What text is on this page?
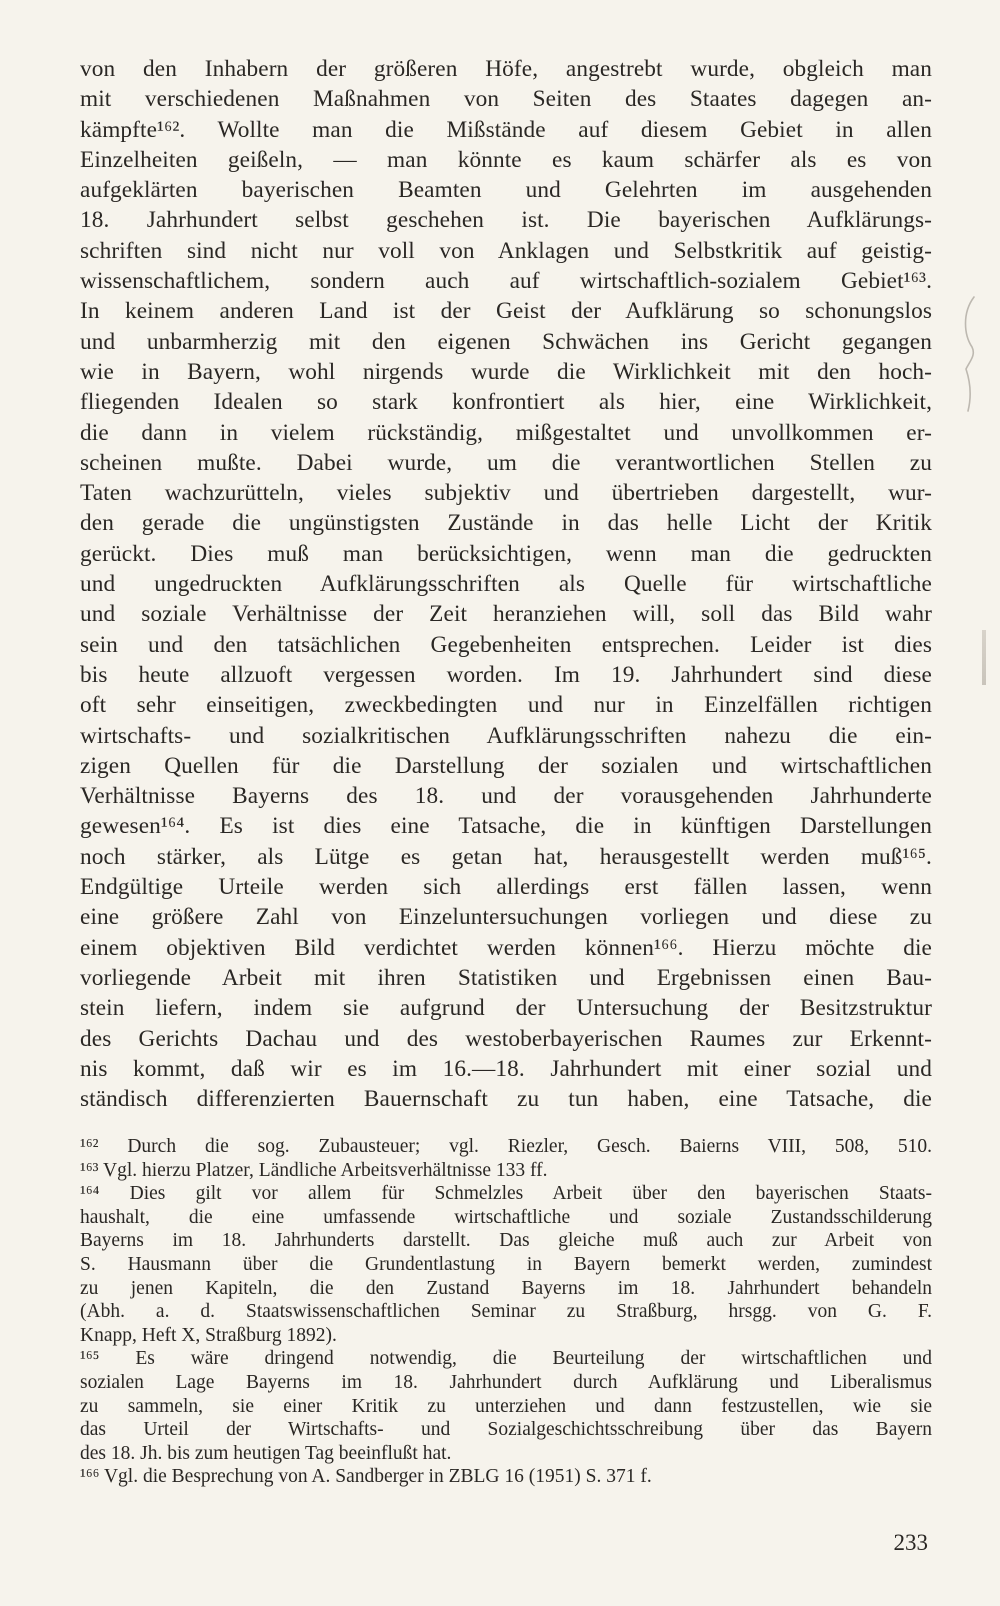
von den Inhabern der größeren Höfe, angestrebt wurde, obgleich man
mit verschiedenen Maßnahmen von Seiten des Staates dagegen an-
kämpfte¹⁶². Wollte man die Mißstände auf diesem Gebiet in allen
Einzelheiten geißeln, — man könnte es kaum schärfer als es von
aufgeklärten bayerischen Beamten und Gelehrten im ausgehenden
18. Jahrhundert selbst geschehen ist. Die bayerischen Aufklärungs-
schriften sind nicht nur voll von Anklagen und Selbstkritik auf geistig-
wissenschaftlichem, sondern auch auf wirtschaftlich-sozialem Gebiet¹⁶³.
In keinem anderen Land ist der Geist der Aufklärung so schonungslos
und unbarmherzig mit den eigenen Schwächen ins Gericht gegangen
wie in Bayern, wohl nirgends wurde die Wirklichkeit mit den hoch-
fliegenden Idealen so stark konfrontiert als hier, eine Wirklichkeit,
die dann in vielem rückständig, mißgestaltet und unvollkommen er-
scheinen mußte. Dabei wurde, um die verantwortlichen Stellen zu
Taten wachzurütteln, vieles subjektiv und übertrieben dargestellt, wur-
den gerade die ungünstigsten Zustände in das helle Licht der Kritik
gerückt. Dies muß man berücksichtigen, wenn man die gedruckten
und ungedruckten Aufklärungsschriften als Quelle für wirtschaftliche
und soziale Verhältnisse der Zeit heranziehen will, soll das Bild wahr
sein und den tatsächlichen Gegebenheiten entsprechen. Leider ist dies
bis heute allzuoft vergessen worden. Im 19. Jahrhundert sind diese
oft sehr einseitigen, zweckbedingten und nur in Einzelfällen richtigen
wirtschafts- und sozialkritischen Aufklärungsschriften nahezu die ein-
zigen Quellen für die Darstellung der sozialen und wirtschaftlichen
Verhältnisse Bayerns des 18. und der vorausgehenden Jahrhunderte
gewesen¹⁶⁴. Es ist dies eine Tatsache, die in künftigen Darstellungen
noch stärker, als Lütge es getan hat, herausgestellt werden muß¹⁶⁵.
Endgültige Urteile werden sich allerdings erst fällen lassen, wenn
eine größere Zahl von Einzeluntersuchungen vorliegen und diese zu
einem objektiven Bild verdichtet werden können¹⁶⁶. Hierzu möchte die
vorliegende Arbeit mit ihren Statistiken und Ergebnissen einen Bau-
stein liefern, indem sie aufgrund der Untersuchung der Besitzstruktur
des Gerichts Dachau und des westoberbayerischen Raumes zur Erkennt-
nis kommt, daß wir es im 16.—18. Jahrhundert mit einer sozial und
ständisch differenzierten Bauernschaft zu tun haben, eine Tatsache, die
¹⁶² Durch die sog. Zubausteuer; vgl. Riezler, Gesch. Baierns VIII, 508, 510.
¹⁶³ Vgl. hierzu Platzer, Ländliche Arbeitsverhältnisse 133 ff.
¹⁶⁴ Dies gilt vor allem für Schmelzles Arbeit über den bayerischen Staats-
haushalt, die eine umfassende wirtschaftliche und soziale Zustandsschilderung
Bayerns im 18. Jahrhunderts darstellt. Das gleiche muß auch zur Arbeit von
S. Hausmann über die Grundentlastung in Bayern bemerkt werden, zumindest
zu jenen Kapiteln, die den Zustand Bayerns im 18. Jahrhundert behandeln
(Abh. a. d. Staatswissenschaftlichen Seminar zu Straßburg, hrsgg. von G. F.
Knapp, Heft X, Straßburg 1892).
¹⁶⁵ Es wäre dringend notwendig, die Beurteilung der wirtschaftlichen und
sozialen Lage Bayerns im 18. Jahrhundert durch Aufklärung und Liberalismus
zu sammeln, sie einer Kritik zu unterziehen und dann festzustellen, wie sie
das Urteil der Wirtschafts- und Sozialgeschichtsschreibung über das Bayern
des 18. Jh. bis zum heutigen Tag beeinflußt hat.
¹⁶⁶ Vgl. die Besprechung von A. Sandberger in ZBLG 16 (1951) S. 371 f.
233
